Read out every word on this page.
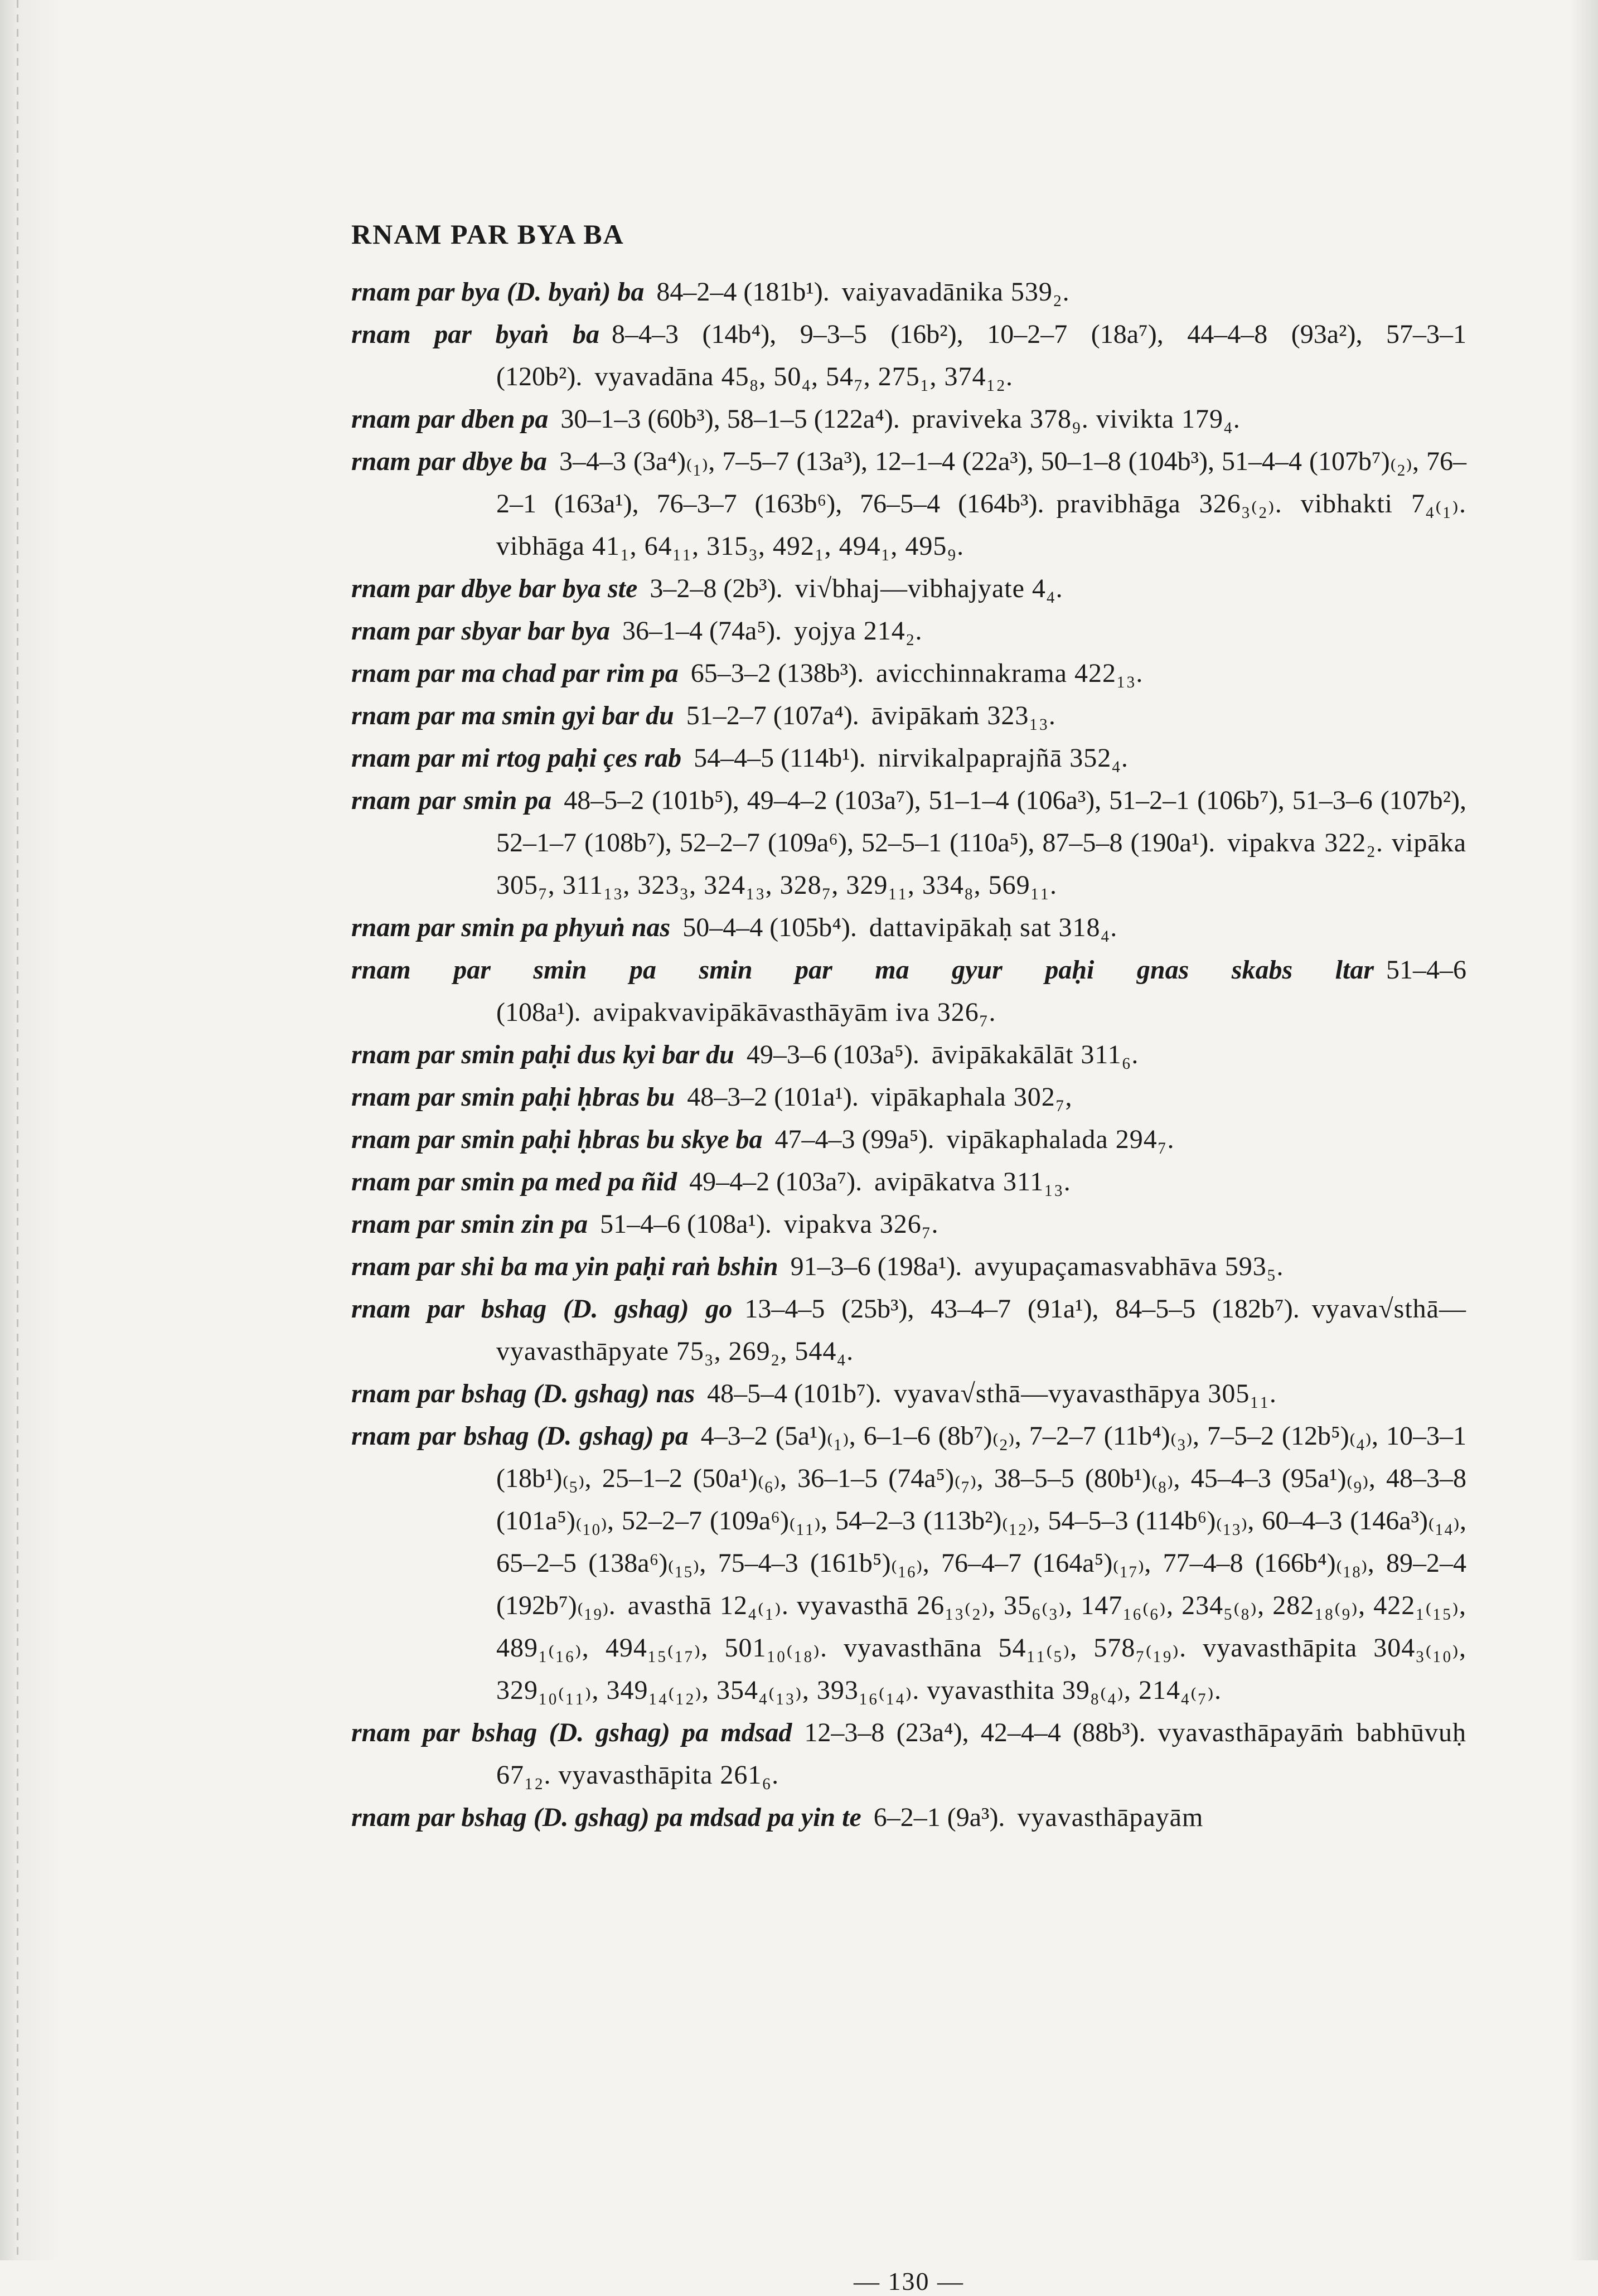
RNAM PAR BYA BA

rnam par bya (D. byaṅ) ba 84–2–4 (181b¹). vaiyavadānika 539₂.

rnam par byaṅ ba 8–4–3 (14b⁴), 9–3–5 (16b²), 10–2–7 (18a⁷), 44–4–8 (93a²), 57–3–1 (120b²). vyavadāna 45₈, 50₄, 54₇, 275₁, 374₁₂.

rnam par dben pa 30–1–3 (60b³), 58–1–5 (122a⁴). praviveka 378₉. vivikta 179₄.

rnam par dbye ba 3–4–3 (3a⁴)₍₁₎, 7–5–7 (13a³), 12–1–4 (22a³), 50–1–8 (104b³), 51–4–4 (107b⁷)₍₂₎, 76–2–1 (163a¹), 76–3–7 (163b⁶), 76–5–4 (164b³). pravibhāga 326₃₍₂₎. vibhakti 7₄₍₁₎. vibhāga 41₁, 64₁₁, 315₃, 492₁, 494₁, 495₉.

rnam par dbye bar bya ste 3–2–8 (2b³). vi√bhaj—vibhajyate 4₄.

rnam par sbyar bar bya 36–1–4 (74a⁵). yojya 214₂.

rnam par ma chad par rim pa 65–3–2 (138b³). avicchinnakrama 422₁₃.

rnam par ma smin gyi bar du 51–2–7 (107a⁴). āvipākaṁ 323₁₃.

rnam par mi rtog paḥi çes rab 54–4–5 (114b¹). nirvikalpaprajñā 352₄.

rnam par smin pa 48–5–2 (101b⁵), 49–4–2 (103a⁷), 51–1–4 (106a³), 51–2–1 (106b⁷), 51–3–6 (107b²), 52–1–7 (108b⁷), 52–2–7 (109a⁶), 52–5–1 (110a⁵), 87–5–8 (190a¹). vipakva 322₂. vipāka 305₇, 311₁₃, 323₃, 324₁₃, 328₇, 329₁₁, 334₈, 569₁₁.

rnam par smin pa phyuṅ nas 50–4–4 (105b⁴). dattavipākaḥ sat 318₄.

rnam par smin pa smin par ma gyur paḥi gnas skabs ltar 51–4–6 (108a¹). avipakvavipākāvasthāyām iva 326₇.

rnam par smin paḥi dus kyi bar du 49–3–6 (103a⁵). āvipākakālāt 311₆.

rnam par smin paḥi ḥbras bu 48–3–2 (101a¹). vipākaphala 302₇,

rnam par smin paḥi ḥbras bu skye ba 47–4–3 (99a⁵). vipākaphalada 294₇.

rnam par smin pa med pa ñid 49–4–2 (103a⁷). avipākatva 311₁₃.

rnam par smin zin pa 51–4–6 (108a¹). vipakva 326₇.

rnam par shi ba ma yin paḥi raṅ bshin 91–3–6 (198a¹). avyupaçamasvabhāva 593₅.

rnam par bshag (D. gshag) go 13–4–5 (25b³), 43–4–7 (91a¹), 84–5–5 (182b⁷). vyava√sthā—vyavasthāpyate 75₃, 269₂, 544₄.

rnam par bshag (D. gshag) nas 48–5–4 (101b⁷). vyava√sthā—vyavasthāpya 305₁₁.

rnam par bshag (D. gshag) pa 4–3–2 (5a¹)₍₁₎, 6–1–6 (8b⁷)₍₂₎, 7–2–7 (11b⁴)₍₃₎, 7–5–2 (12b⁵)₍₄₎, 10–3–1 (18b¹)₍₅₎, 25–1–2 (50a¹)₍₆₎, 36–1–5 (74a⁵)₍₇₎, 38–5–5 (80b¹)₍₈₎, 45–4–3 (95a¹)₍₉₎, 48–3–8 (101a⁵)₍₁₀₎, 52–2–7 (109a⁶)₍₁₁₎, 54–2–3 (113b²)₍₁₂₎, 54–5–3 (114b⁶)₍₁₃₎, 60–4–3 (146a³)₍₁₄₎, 65–2–5 (138a⁶)₍₁₅₎, 75–4–3 (161b⁵)₍₁₆₎, 76–4–7 (164a⁵)₍₁₇₎, 77–4–8 (166b⁴)₍₁₈₎, 89–2–4 (192b⁷)₍₁₉₎. avasthā 12₄₍₁₎. vyavasthā 26₁₃₍₂₎, 35₆₍₃₎, 147₁₆₍₆₎, 234₅₍₈₎, 282₁₈₍₉₎, 422₁₍₁₅₎, 489₁₍₁₆₎, 494₁₅₍₁₇₎, 501₁₀₍₁₈₎. vyavasthāna 54₁₁₍₅₎, 578₇₍₁₉₎. vyavasthāpita 304₃₍₁₀₎, 329₁₀₍₁₁₎, 349₁₄₍₁₂₎, 354₄₍₁₃₎, 393₁₆₍₁₄₎. vyavasthita 39₈₍₄₎, 214₄₍₇₎.

rnam par bshag (D. gshag) pa mdsad 12–3–8 (23a⁴), 42–4–4 (88b³). vyavasthāpayāṁ babhūvuḥ 67₁₂. vyavasthāpita 261₆.

rnam par bshag (D. gshag) pa mdsad pa yin te 6–2–1 (9a³). vyavasthāpayām

— 130 —
